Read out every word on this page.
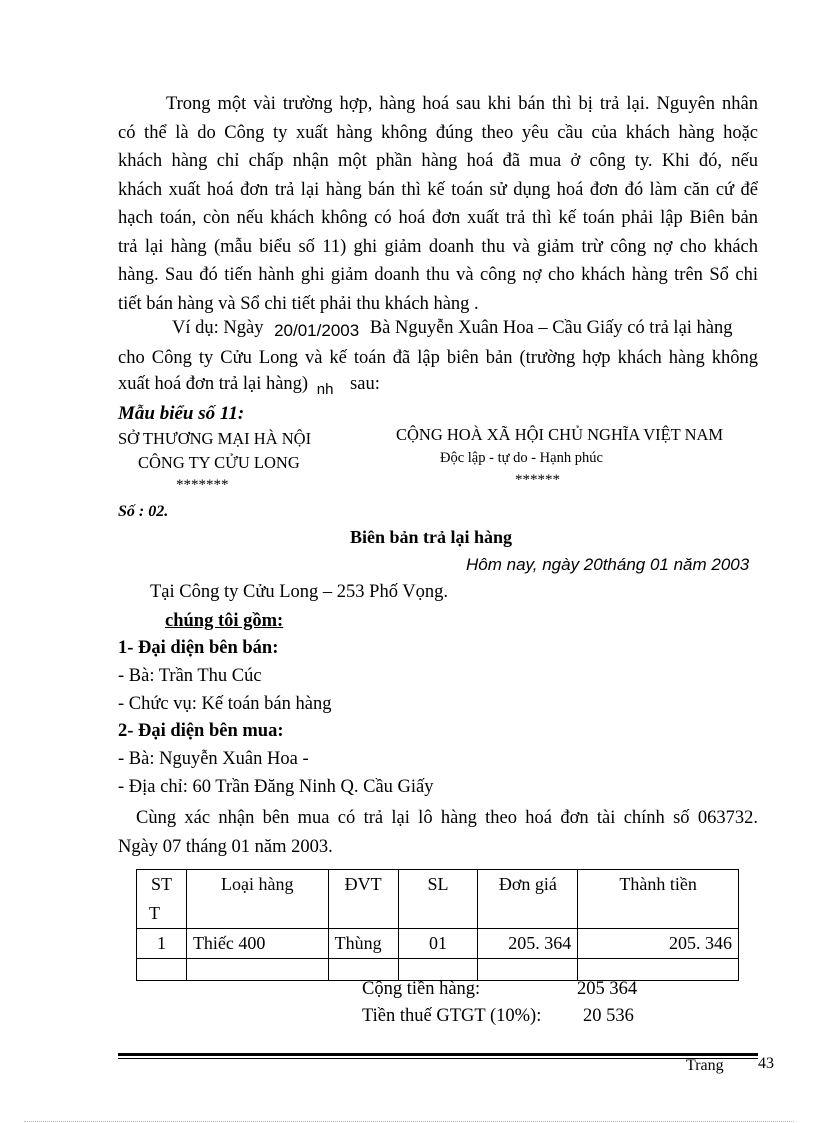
Trong một vài trường hợp, hàng hoá sau khi bán thì bị trả lại. Nguyên nhân
có thể là do Công ty xuất hàng không đúng theo yêu cầu của khách hàng hoặc
khách hàng chỉ chấp nhận một phần hàng hoá đã mua ở công ty. Khi đó, nếu
khách xuất hoá đơn trả lại hàng bán thì kế toán sử dụng hoá đơn đó làm căn cứ để
hạch toán, còn nếu khách không có hoá đơn xuất trả thì kế toán phải lập Biên bản
trả lại hàng (mẫu biểu số 11) ghi giảm doanh thu và giảm trừ công nợ cho khách
hàng. Sau đó tiến hành ghi giảm doanh thu và công nợ cho khách hàng trên Sổ chi
tiết bán hàng và Sổ chi tiết phải thu khách hàng .
Ví dụ: Ngày 20/01/2003 Bà Nguyễn Xuân Hoa – Cầu Giấy có trả lại hàng
cho Công ty Cửu Long và kế toán đã lập biên bản (trường hợp khách hàng không
xuất hoá đơn trả lại hàng) $_{nh}$ sau:
Mẫu biểu số 11:
SỞ THƯƠNG MẠI HÀ NỘI
CÔNG TY CỬU LONG
*******
CỘNG HOÀ XÃ HỘI CHỦ NGHĨA VIỆT NAM
Độc lập - tự do - Hạnh phúc
******
Số : 02.
Biên bản trả lại hàng
Hôm nay, ngày 20tháng 01 năm 2003
Tại Công ty Cửu Long – 253 Phố Vọng.
chúng tôi gồm:
1- Đại diện bên bán:
- Bà: Trần Thu Cúc
- Chức vụ: Kế toán bán hàng
2- Đại diện bên mua:
- Bà: Nguyễn Xuân Hoa -
- Địa chỉ: 60 Trần Đăng Ninh Q. Cầu Giấy
Cùng xác nhận bên mua có trả lại lô hàng theo hoá đơn tài chính số 063732.
Ngày 07 tháng 01 năm 2003.
ST
T	Loại hàng	ĐVT	SL	Đơn giá	Thành tiền
1	Thiếc 400	Thùng	01	205. 364	205. 346

Cộng tiền hàng:	205 364
Tiền thuế GTGT (10%): 20 536
Trang 43
